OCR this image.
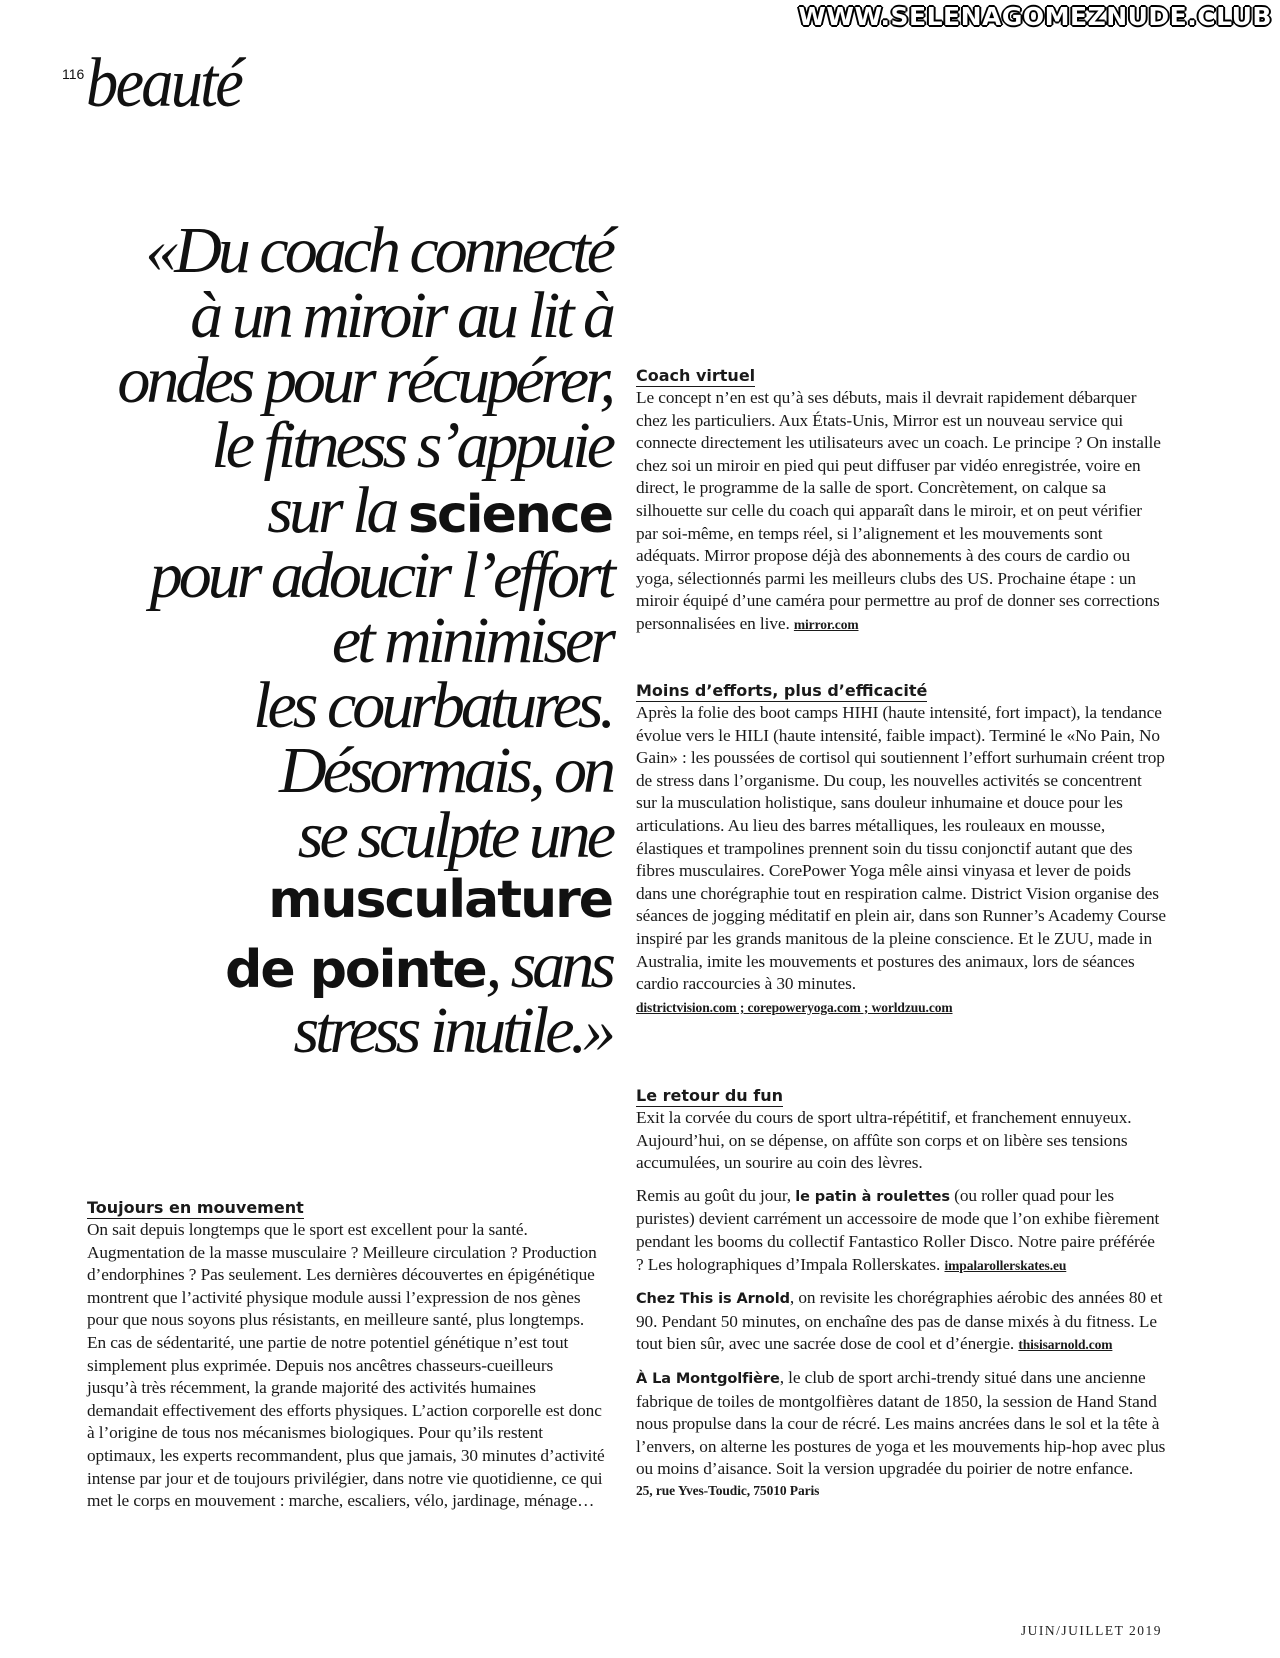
WWW.SELENAGOMEZNUDE.CLUB
116 beauté
«Du coach connecté
à un miroir au lit à
ondes pour récupérer,
le fitness s’appuie
sur la science
pour adoucir l’effort
et minimiser
les courbatures.
Désormais, on
se sculpte une
musculature
de pointe, sans
stress inutile.»
Coach virtuel

Le concept n’en est qu’à ses débuts, mais il devrait rapidement débarquer chez les particuliers. Aux États-Unis, Mirror est un nouveau service qui connecte directement les utilisateurs avec un coach. Le principe ? On installe chez soi un miroir en pied qui peut diffuser par vidéo enregistrée, voire en direct, le programme de la salle de sport. Concrètement, on calque sa silhouette sur celle du coach qui apparaît dans le miroir, et on peut vérifier par soi-même, en temps réel, si l’alignement et les mouvements sont adéquats. Mirror propose déjà des abonnements à des cours de cardio ou yoga, sélectionnés parmi les meilleurs clubs des US. Prochaine étape : un miroir équipé d’une caméra pour permettre au prof de donner ses corrections personnalisées en live. mirror.com

Moins d’efforts, plus d’efficacité

Après la folie des boot camps HIHI (haute intensité, fort impact), la tendance évolue vers le HILI (haute intensité, faible impact). Terminé le «No Pain, No Gain» : les poussées de cortisol qui soutiennent l’effort surhumain créent trop de stress dans l’organisme. Du coup, les nouvelles activités se concentrent sur la musculation holistique, sans douleur inhumaine et douce pour les articulations. Au lieu des barres métalliques, les rouleaux en mousse, élastiques et trampolines prennent soin du tissu conjonctif autant que des fibres musculaires. CorePower Yoga mêle ainsi vinyasa et lever de poids dans une chorégraphie tout en respiration calme. District Vision organise des séances de jogging méditatif en plein air, dans son Runner’s Academy Course inspiré par les grands manitous de la pleine conscience. Et le ZUU, made in Australia, imite les mouvements et postures des animaux, lors de séances cardio raccourcies à 30 minutes.

districtvision.com ; corepoweryoga.com ; worldzuu.com

Le retour du fun

Exit la corvée du cours de sport ultra-répétitif, et franchement ennuyeux. Aujourd’hui, on se dépense, on affûte son corps et on libère ses tensions accumulées, un sourire au coin des lèvres.

Remis au goût du jour, le patin à roulettes (ou roller quad pour les puristes) devient carrément un accessoire de mode que l’on exhibe fièrement pendant les booms du collectif Fantastico Roller Disco. Notre paire préférée ? Les holographiques d’Impala Rollerskates. impalarollerskates.eu

Chez This is Arnold, on revisite les chorégraphies aérobic des années 80 et 90. Pendant 50 minutes, on enchaîne des pas de danse mixés à du fitness. Le tout bien sûr, avec une sacrée dose de cool et d’énergie. thisisarnold.com

À La Montgolfière, le club de sport archi-trendy situé dans une ancienne fabrique de toiles de montgolfières datant de 1850, la session de Hand Stand nous propulse dans la cour de récré. Les mains ancrées dans le sol et la tête à l’envers, on alterne les postures de yoga et les mouvements hip-hop avec plus ou moins d’aisance. Soit la version upgradée du poirier de notre enfance.
25, rue Yves-Toudic, 75010 Paris

Toujours en mouvement

On sait depuis longtemps que le sport est excellent pour la santé. Augmentation de la masse musculaire ? Meilleure circulation ? Production d’endorphines ? Pas seulement. Les dernières découvertes en épigénétique montrent que l’activité physique module aussi l’expression de nos gènes pour que nous soyons plus résistants, en meilleure santé, plus longtemps. En cas de sédentarité, une partie de notre potentiel génétique n’est tout simplement plus exprimée. Depuis nos ancêtres chasseurs-cueilleurs jusqu’à très récemment, la grande majorité des activités humaines demandait effectivement des efforts physiques. L’action corporelle est donc à l’origine de tous nos mécanismes biologiques. Pour qu’ils restent optimaux, les experts recommandent, plus que jamais, 30 minutes d’activité intense par jour et de toujours privilégier, dans notre vie quotidienne, ce qui met le corps en mouvement : marche, escaliers, vélo, jardinage, ménage…

JUIN/JUILLET 2019
